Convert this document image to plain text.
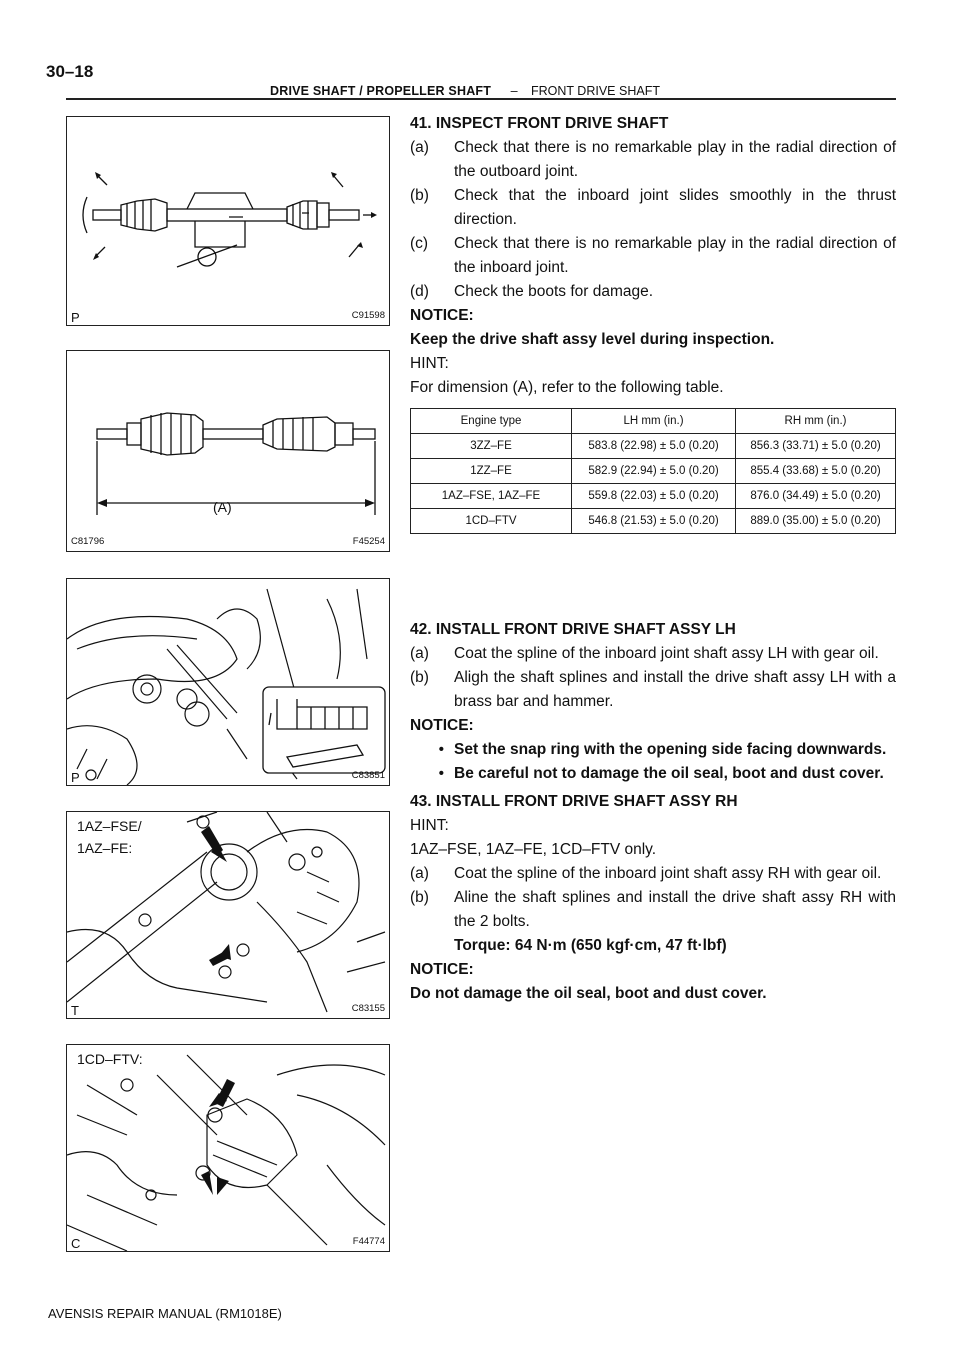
30–18
DRIVE SHAFT / PROPELLER SHAFT – FRONT DRIVE SHAFT
P	C91598
(A)
C81796	F45254
P	C83851
1AZ–FSE/
1AZ–FE:
T	C83155
1CD–FTV:
C	F44774

41. INSPECT FRONT DRIVE SHAFT

(a)	Check that there is no remarkable play in the radial direction of the outboard joint.
(b)	Check that the inboard joint slides smoothly in the thrust direction.
(c)	Check that there is no remarkable play in the radial direction of the inboard joint.
(d)	Check the boots for damage.

NOTICE:

Keep the drive shaft assy level during inspection.

HINT:

For dimension (A), refer to the following table.

Engine type	LH mm (in.)	RH mm (in.)
3ZZ–FE	583.8 (22.98) ± 5.0 (0.20)	856.3 (33.71) ± 5.0 (0.20)
1ZZ–FE	582.9 (22.94) ± 5.0 (0.20)	855.4 (33.68) ± 5.0 (0.20)
1AZ–FSE, 1AZ–FE	559.8 (22.03) ± 5.0 (0.20)	876.0 (34.49) ± 5.0 (0.20)
1CD–FTV	546.8 (21.53) ± 5.0 (0.20)	889.0 (35.00) ± 5.0 (0.20)

42. INSTALL FRONT DRIVE SHAFT ASSY LH

(a)	Coat the spline of the inboard joint shaft assy LH with gear oil.
(b)	Aligh the shaft splines and install the drive shaft assy LH with a brass bar and hammer.

NOTICE:

• Set the snap ring with the opening side facing downwards.
• Be careful not to damage the oil seal, boot and dust cover.

43. INSTALL FRONT DRIVE SHAFT ASSY RH

HINT:

1AZ–FSE, 1AZ–FE, 1CD–FTV only.

(a)	Coat the spline of the inboard joint shaft assy RH with gear oil.
(b)	Aline the shaft splines and install the drive shaft assy RH with the 2 bolts.

Torque: 64 N·m (650 kgf·cm, 47 ft·lbf)

NOTICE:

Do not damage the oil seal, boot and dust cover.

AVENSIS REPAIR MANUAL (RM1018E)
